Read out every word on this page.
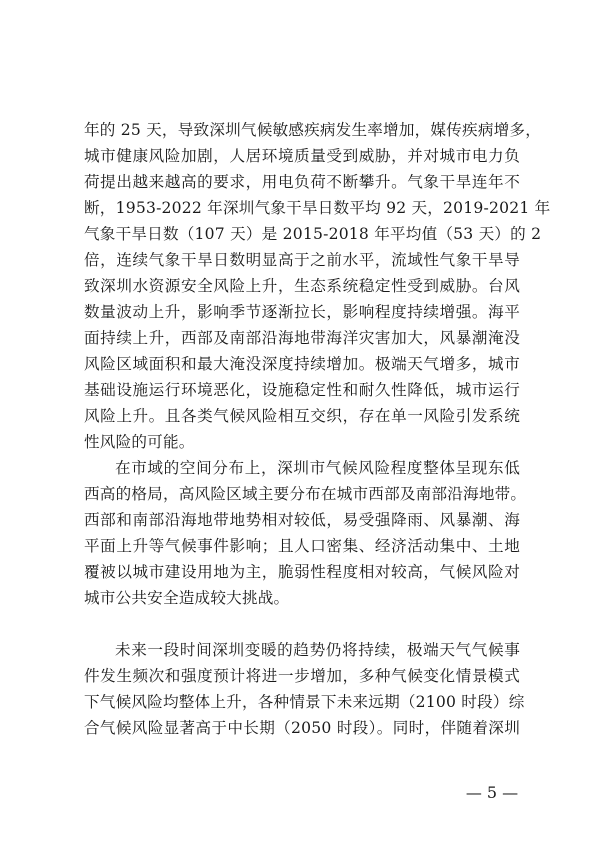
年的 25 天，导致深圳气候敏感疾病发生率增加，媒传疾病增多，
城市健康风险加剧，人居环境质量受到威胁，并对城市电力负
荷提出越来越高的要求，用电负荷不断攀升。气象干旱连年不
断，1953-2022 年深圳气象干旱日数平均 92 天，2019-2021 年
气象干旱日数（107 天）是 2015-2018 年平均值（53 天）的 2
倍，连续气象干旱日数明显高于之前水平，流域性气象干旱导
致深圳水资源安全风险上升，生态系统稳定性受到威胁。台风
数量波动上升，影响季节逐渐拉长，影响程度持续增强。海平
面持续上升，西部及南部沿海地带海洋灾害加大，风暴潮淹没
风险区域面积和最大淹没深度持续增加。极端天气增多，城市
基础设施运行环境恶化，设施稳定性和耐久性降低，城市运行
风险上升。且各类气候风险相互交织，存在单一风险引发系统
性风险的可能。
在市域的空间分布上，深圳市气候风险程度整体呈现东低
西高的格局，高风险区域主要分布在城市西部及南部沿海地带。
西部和南部沿海地带地势相对较低，易受强降雨、风暴潮、海
平面上升等气候事件影响；且人口密集、经济活动集中、土地
覆被以城市建设用地为主，脆弱性程度相对较高，气候风险对
城市公共安全造成较大挑战。
未来一段时间深圳变暖的趋势仍将持续，极端天气气候事
件发生频次和强度预计将进一步增加，多种气候变化情景模式
下气候风险均整体上升，各种情景下未来远期（2100 时段）综
合气候风险显著高于中长期（2050 时段）。同时，伴随着深圳
— 5 —
